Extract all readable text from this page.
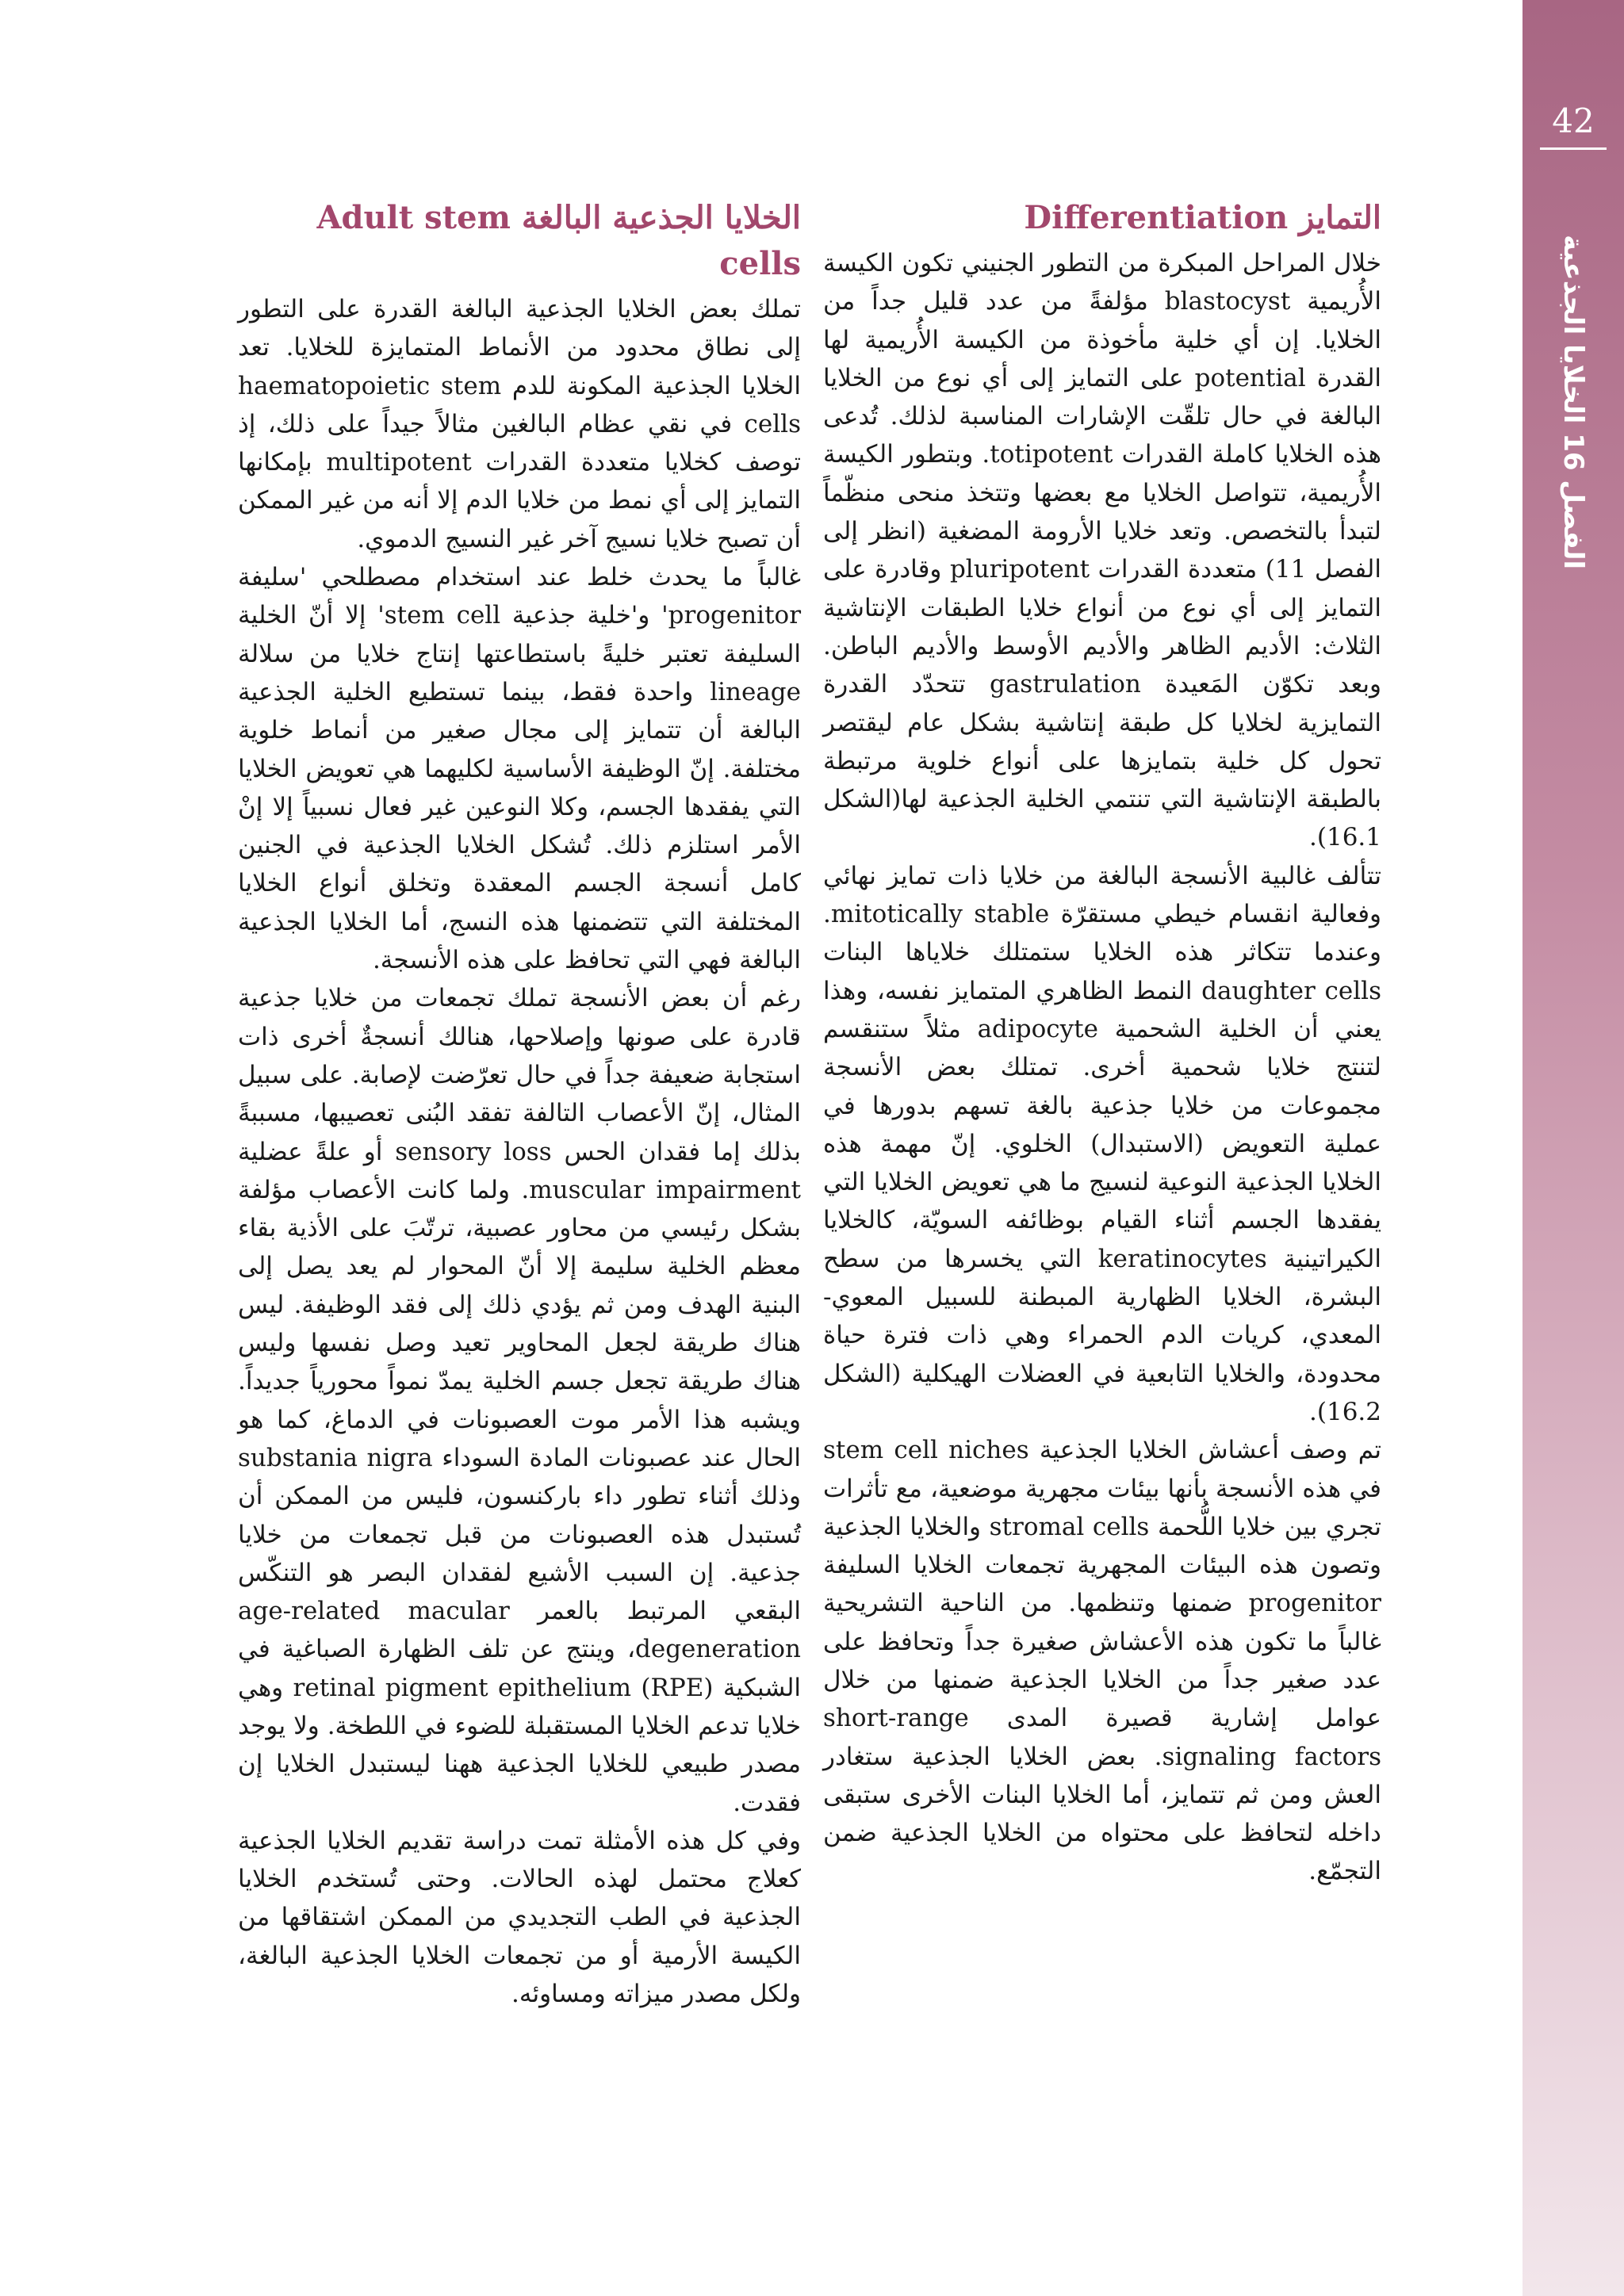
42
الفصل 16 الخلايا الجذعية
التمايز Differentiation

خلال المراحل المبكرة من التطور الجنيني تكون الكيسة الأُريمية blastocyst مؤلفةً من عدد قليل جداً من الخلايا. إن أي خلية مأخوذة من الكيسة الأُريمية لها القدرة potential على التمايز إلى أي نوع من الخلايا البالغة في حال تلقّت الإشارات المناسبة لذلك. تُدعى هذه الخلايا كاملة القدرات totipotent. وبتطور الكيسة الأُريمية، تتواصل الخلايا مع بعضها وتتخذ منحى منظّماً لتبدأ بالتخصص. وتعد خلايا الأرومة المضغية (انظر إلى الفصل 11) متعددة القدرات pluripotent وقادرة على التمايز إلى أي نوع من أنواع خلايا الطبقات الإنتاشية الثلاث: الأديم الظاهر والأديم الأوسط والأديم الباطن. وبعد تكوّن المَعيدة gastrulation تتحدّد القدرة التمايزية لخلايا كل طبقة إنتاشية بشكل عام ليقتصر تحول كل خلية بتمايزها على أنواع خلوية مرتبطة بالطبقة الإنتاشية التي تنتمي الخلية الجذعية لها(الشكل 16.1).

تتألف غالبية الأنسجة البالغة من خلايا ذات تمايز نهائي وفعالية انقسام خيطي مستقرّة mitotically stable. وعندما تتكاثر هذه الخلايا ستمتلك خلاياها البنات daughter cells النمط الظاهري المتمايز نفسه، وهذا يعني أن الخلية الشحمية adipocyte مثلاً ستنقسم لتنتج خلايا شحمية أخرى. تمتلك بعض الأنسجة مجموعات من خلايا جذعية بالغة تسهم بدورها في عملية التعويض (الاستبدال) الخلوي. إنّ مهمة هذه الخلايا الجذعية النوعية لنسيج ما هي تعويض الخلايا التي يفقدها الجسم أثناء القيام بوظائفه السويّة، كالخلايا الكيراتينية keratinocytes التي يخسرها من سطح البشرة، الخلايا الظهارية المبطنة للسبيل المعوي-المعدي، كريات الدم الحمراء وهي ذات فترة حياة محدودة، والخلايا التابعية في العضلات الهيكلية (الشكل 16.2).

تم وصف أعشاش الخلايا الجذعية stem cell niches في هذه الأنسجة بأنها بيئات مجهرية موضعية، مع تأثرات تجري بين خلايا اللُّحمة stromal cells والخلايا الجذعية وتصون هذه البيئات المجهرية تجمعات الخلايا السليفة progenitor ضمنها وتنظمها. من الناحية التشريحية غالباً ما تكون هذه الأعشاش صغيرة جداً وتحافظ على عدد صغير جداً من الخلايا الجذعية ضمنها من خلال عوامل إشارية قصيرة المدى short-range signaling factors. بعض الخلايا الجذعية ستغادر العش ومن ثم تتمايز، أما الخلايا البنات الأخرى ستبقى داخله لتحافظ على محتواه من الخلايا الجذعية ضمن التجمّع.

الخلايا الجذعية البالغة Adult stem cells

تملك بعض الخلايا الجذعية البالغة القدرة على التطور إلى نطاق محدود من الأنماط المتمايزة للخلايا. تعد الخلايا الجذعية المكونة للدم haematopoietic stem cells في نقي عظام البالغين مثالاً جيداً على ذلك، إذ توصف كخلايا متعددة القدرات multipotent بإمكانها التمايز إلى أي نمط من خلايا الدم إلا أنه من غير الممكن أن تصبح خلايا نسيج آخر غير النسيج الدموي.

غالباً ما يحدث خلط عند استخدام مصطلحي 'سليفة progenitor' و'خلية جذعية stem cell' إلا أنّ الخلية السليفة تعتبر خليةً باستطاعتها إنتاج خلايا من سلالة lineage واحدة فقط، بينما تستطيع الخلية الجذعية البالغة أن تتمايز إلى مجال صغير من أنماط خلوية مختلفة. إنّ الوظيفة الأساسية لكليهما هي تعويض الخلايا التي يفقدها الجسم، وكلا النوعين غير فعال نسبياً إلا إنْ الأمر استلزم ذلك. تُشكل الخلايا الجذعية في الجنين كامل أنسجة الجسم المعقدة وتخلق أنواع الخلايا المختلفة التي تتضمنها هذه النسج، أما الخلايا الجذعية البالغة فهي التي تحافظ على هذه الأنسجة.

رغم أن بعض الأنسجة تملك تجمعات من خلايا جذعية قادرة على صونها وإصلاحها، هنالك أنسجةٌ أخرى ذات استجابة ضعيفة جداً في حال تعرّضت لإصابة. على سبيل المثال، إنّ الأعصاب التالفة تفقد البُنى تعصيبها، مسببةً بذلك إما فقدان الحس sensory loss أو علةً عضلية muscular impairment. ولما كانت الأعصاب مؤلفة بشكل رئيسي من محاور عصبية، ترتّبَ على الأذية بقاء معظم الخلية سليمة إلا أنّ المحوار لم يعد يصل إلى البنية الهدف ومن ثم يؤدي ذلك إلى فقد الوظيفة. ليس هناك طريقة لجعل المحاوير تعيد وصل نفسها وليس هناك طريقة تجعل جسم الخلية يمدّ نمواً محورياً جديداً. ويشبه هذا الأمر موت العصبونات في الدماغ، كما هو الحال عند عصبونات المادة السوداء substania nigra وذلك أثناء تطور داء باركنسون، فليس من الممكن أن تُستبدل هذه العصبونات من قبل تجمعات من خلايا جذعية. إن السبب الأشيع لفقدان البصر هو التنكّس البقعي المرتبط بالعمر age-related macular degeneration، وينتج عن تلف الظهارة الصباغية في الشبكية retinal pigment epithelium (RPE) وهي خلايا تدعم الخلايا المستقبلة للضوء في اللطخة. ولا يوجد مصدر طبيعي للخلايا الجذعية ههنا ليستبدل الخلايا إن فقدت.

وفي كل هذه الأمثلة تمت دراسة تقديم الخلايا الجذعية كعلاج محتمل لهذه الحالات. وحتى تُستخدم الخلايا الجذعية في الطب التجديدي من الممكن اشتقاقها من الكيسة الأرمية أو من تجمعات الخلايا الجذعية البالغة، ولكل مصدر ميزاته ومساوئه.
